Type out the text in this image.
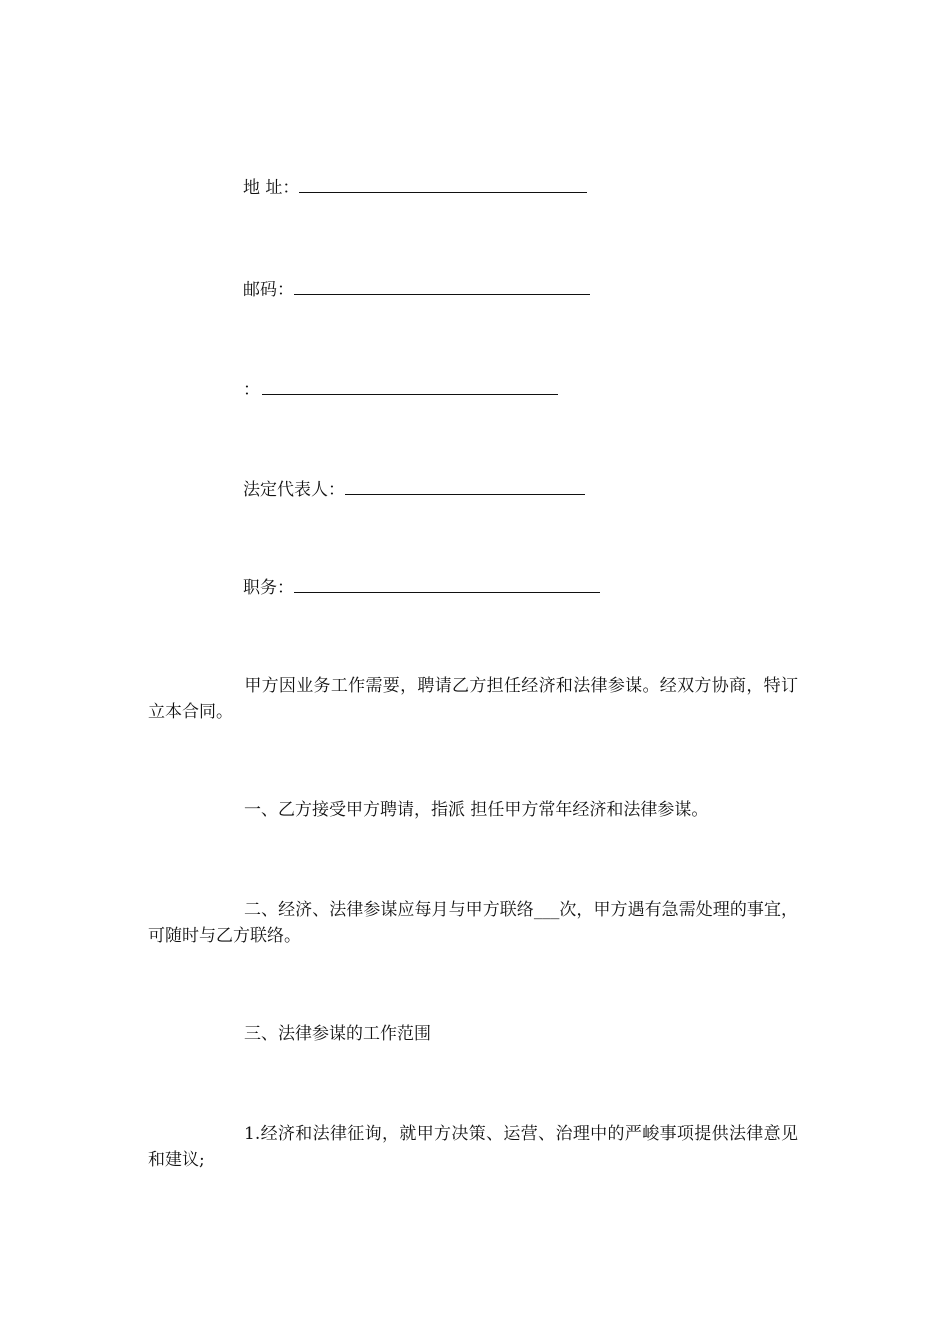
地 址：
邮码：
：
法定代表人：
职务：
甲方因业务工作需要，聘请乙方担任经济和法律参谋。经双方协商，特订立本合同。
一、乙方接受甲方聘请，指派 担任甲方常年经济和法律参谋。
二、经济、法律参谋应每月与甲方联络___次，甲方遇有急需处理的事宜，可随时与乙方联络。
三、法律参谋的工作范围
1.经济和法律征询，就甲方决策、运营、治理中的严峻事项提供法律意见和建议;
